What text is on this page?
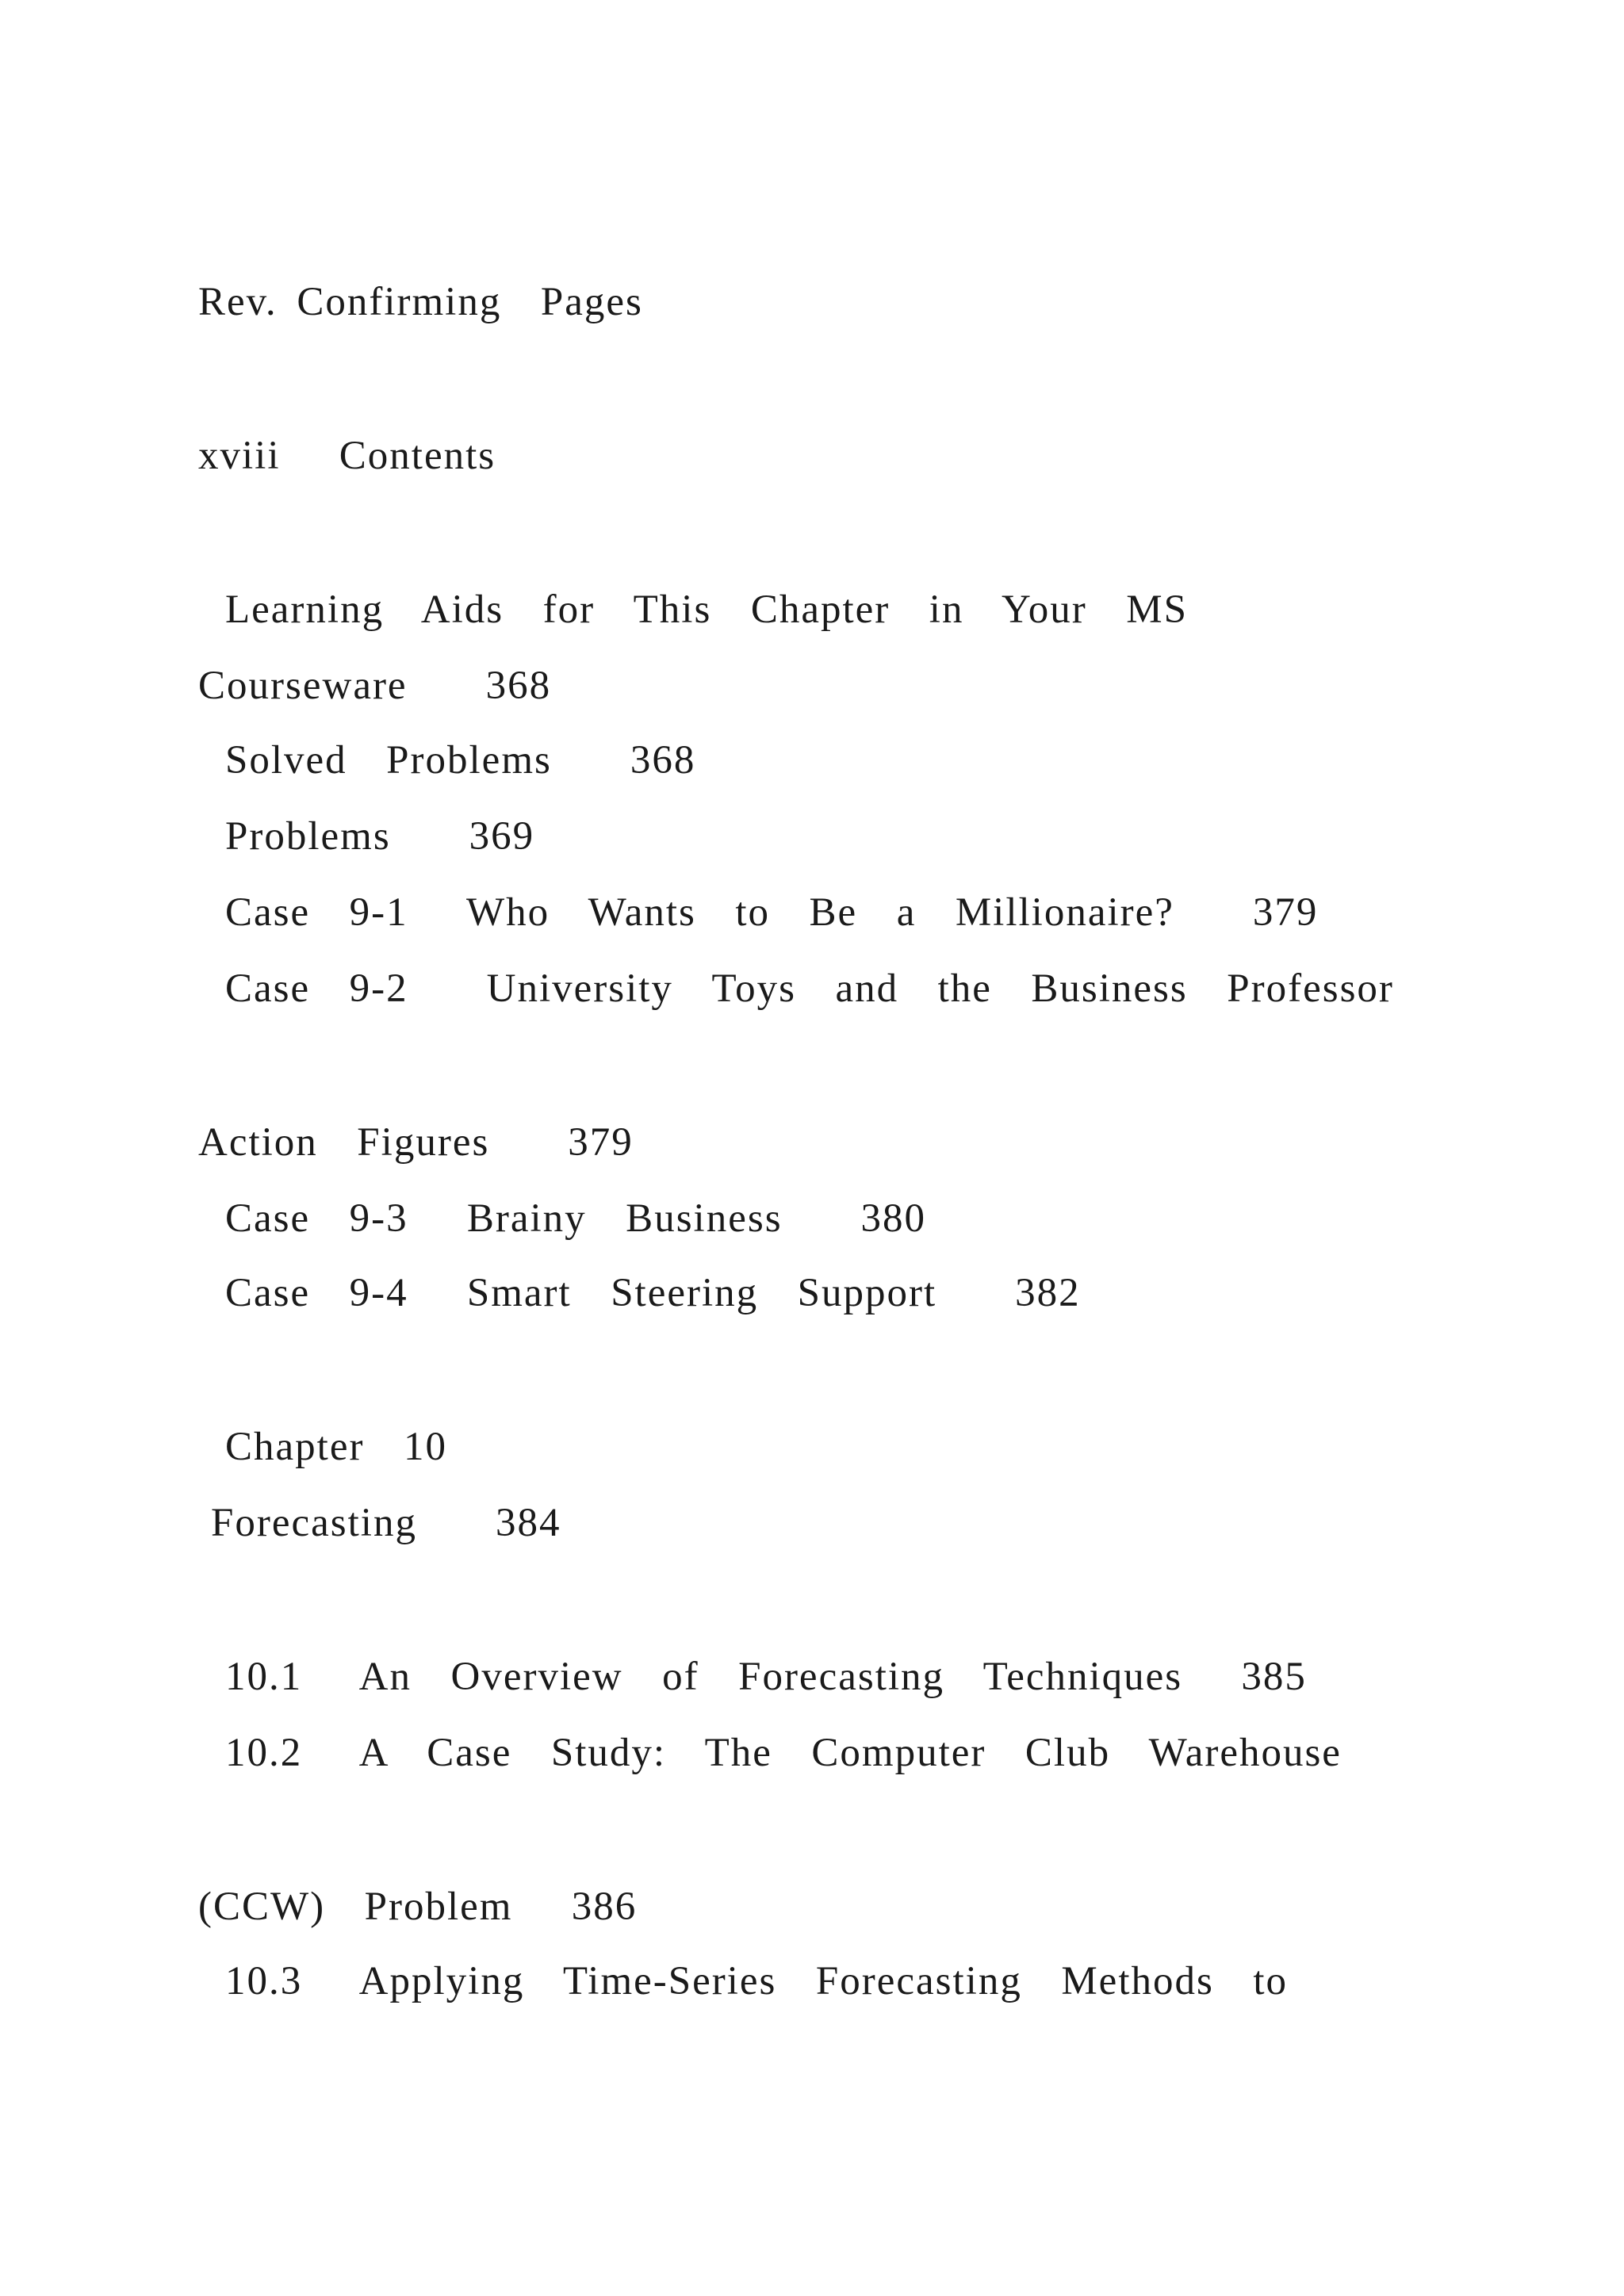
Rev. Confirming  Pages
xviii   Contents
Learning  Aids  for  This  Chapter  in  Your  MS
Courseware    368
Solved  Problems    368
Problems    369
Case  9-1   Who  Wants  to  Be  a  Millionaire?    379
Case  9-2    University  Toys  and  the  Business  Professor
Action  Figures    379
Case  9-3   Brainy  Business    380
Case  9-4   Smart  Steering  Support    382
Chapter  10
Forecasting    384
10.1   An  Overview  of  Forecasting  Techniques   385
10.2   A  Case  Study:  The  Computer  Club  Warehouse
(CCW)  Problem   386
10.3   Applying  Time-Series  Forecasting  Methods  to
